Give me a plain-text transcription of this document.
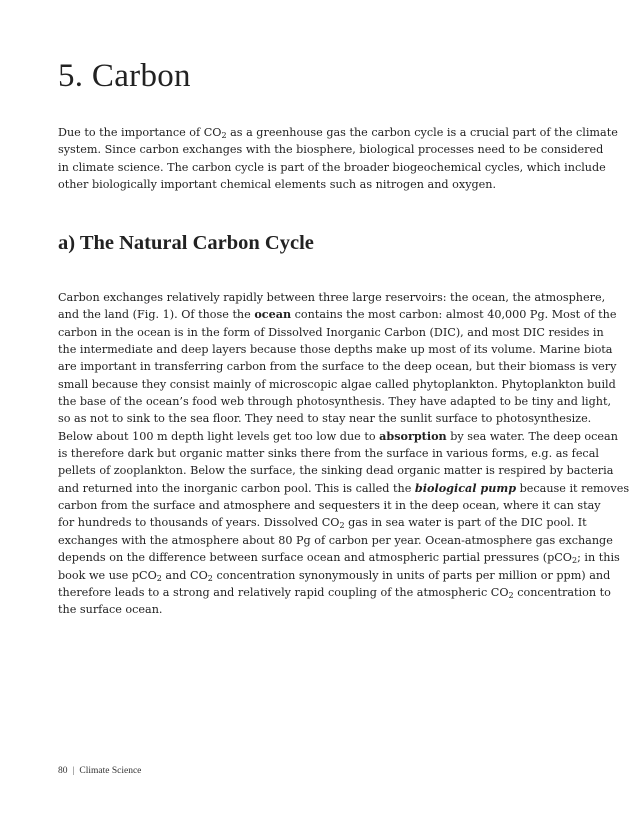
5. Carbon
Due to the importance of $CO_2$ as a greenhouse gas the carbon cycle is a crucial part of the climate
system. Since carbon exchanges with the biosphere, biological processes need to be considered
in climate science. The carbon cycle is part of the broader biogeochemical cycles, which include
other biologically important chemical elements such as nitrogen and oxygen.
a) The Natural Carbon Cycle
Carbon exchanges relatively rapidly between three large reservoirs: the ocean, the atmosphere,
and the land (Fig. 1). Of those the ocean contains the most carbon: almost 40,000 Pg. Most of the
carbon in the ocean is in the form of Dissolved Inorganic Carbon (DIC), and most DIC resides in
the intermediate and deep layers because those depths make up most of its volume. Marine biota
are important in transferring carbon from the surface to the deep ocean, but their biomass is very
small because they consist mainly of microscopic algae called phytoplankton. Phytoplankton build
the base of the ocean’s food web through photosynthesis. They have adapted to be tiny and light,
so as not to sink to the sea floor. They need to stay near the sunlit surface to photosynthesize.
Below about 100 m depth light levels get too low due to absorption by sea water. The deep ocean
is therefore dark but organic matter sinks there from the surface in various forms, e.g. as fecal
pellets of zooplankton. Below the surface, the sinking dead organic matter is respired by bacteria
and returned into the inorganic carbon pool. This is called the biological pump because it removes
carbon from the surface and atmosphere and sequesters it in the deep ocean, where it can stay
for hundreds to thousands of years. Dissolved $CO_2$ gas in sea water is part of the DIC pool. It
exchanges with the atmosphere about 80 Pg of carbon per year. Ocean-atmosphere gas exchange
depends on the difference between surface ocean and atmospheric partial pressures (pCO$_2$; in this
book we use pCO$_2$ and $CO_2$ concentration synonymously in units of parts per million or ppm) and
therefore leads to a strong and relatively rapid coupling of the atmospheric $CO_2$ concentration to
the surface ocean.
80 | Climate Science
